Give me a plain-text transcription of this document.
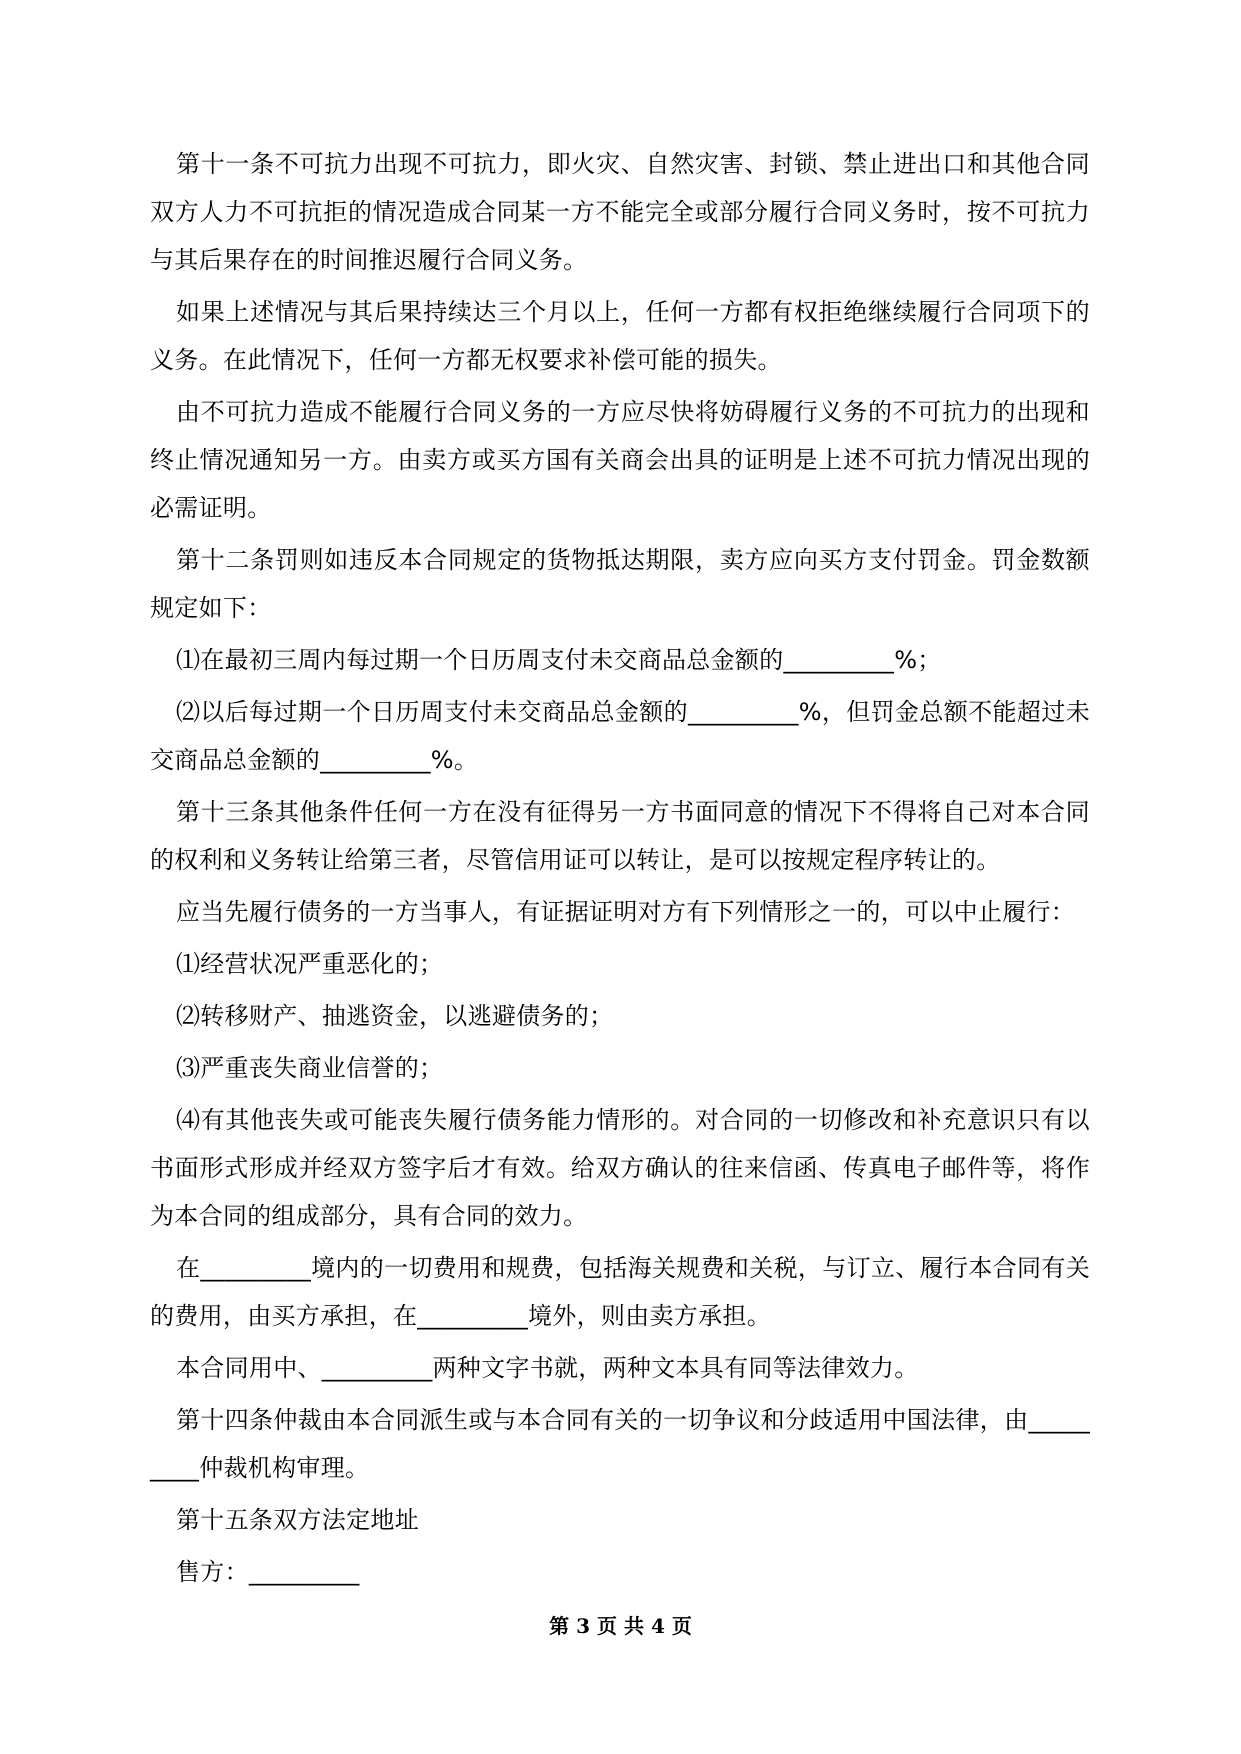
第十一条不可抗力出现不可抗力，即火灾、自然灾害、封锁、禁止进出口和其他合同双方人力不可抗拒的情况造成合同某一方不能完全或部分履行合同义务时，按不可抗力与其后果存在的时间推迟履行合同义务。

如果上述情况与其后果持续达三个月以上，任何一方都有权拒绝继续履行合同项下的义务。在此情况下，任何一方都无权要求补偿可能的损失。

由不可抗力造成不能履行合同义务的一方应尽快将妨碍履行义务的不可抗力的出现和终止情况通知另一方。由卖方或买方国有关商会出具的证明是上述不可抗力情况出现的必需证明。

第十二条罚则如违反本合同规定的货物抵达期限，卖方应向买方支付罚金。罚金数额规定如下：

⑴在最初三周内每过期一个日历周支付未交商品总金额的_________%；

⑵以后每过期一个日历周支付未交商品总金额的_________%，但罚金总额不能超过未交商品总金额的_________%。

第十三条其他条件任何一方在没有征得另一方书面同意的情况下不得将自己对本合同的权利和义务转让给第三者，尽管信用证可以转让，是可以按规定程序转让的。

应当先履行债务的一方当事人，有证据证明对方有下列情形之一的，可以中止履行：

⑴经营状况严重恶化的；

⑵转移财产、抽逃资金，以逃避债务的；

⑶严重丧失商业信誉的；

⑷有其他丧失或可能丧失履行债务能力情形的。对合同的一切修改和补充意识只有以书面形式形成并经双方签字后才有效。给双方确认的往来信函、传真电子邮件等，将作为本合同的组成部分，具有合同的效力。

在_________境内的一切费用和规费，包括海关规费和关税，与订立、履行本合同有关的费用，由买方承担，在_________境外，则由卖方承担。

本合同用中、_________两种文字书就，两种文本具有同等法律效力。

第十四条仲裁由本合同派生或与本合同有关的一切争议和分歧适用中国法律，由_________仲裁机构审理。

第十五条双方法定地址

售方：_________

第 3 页 共 4 页
